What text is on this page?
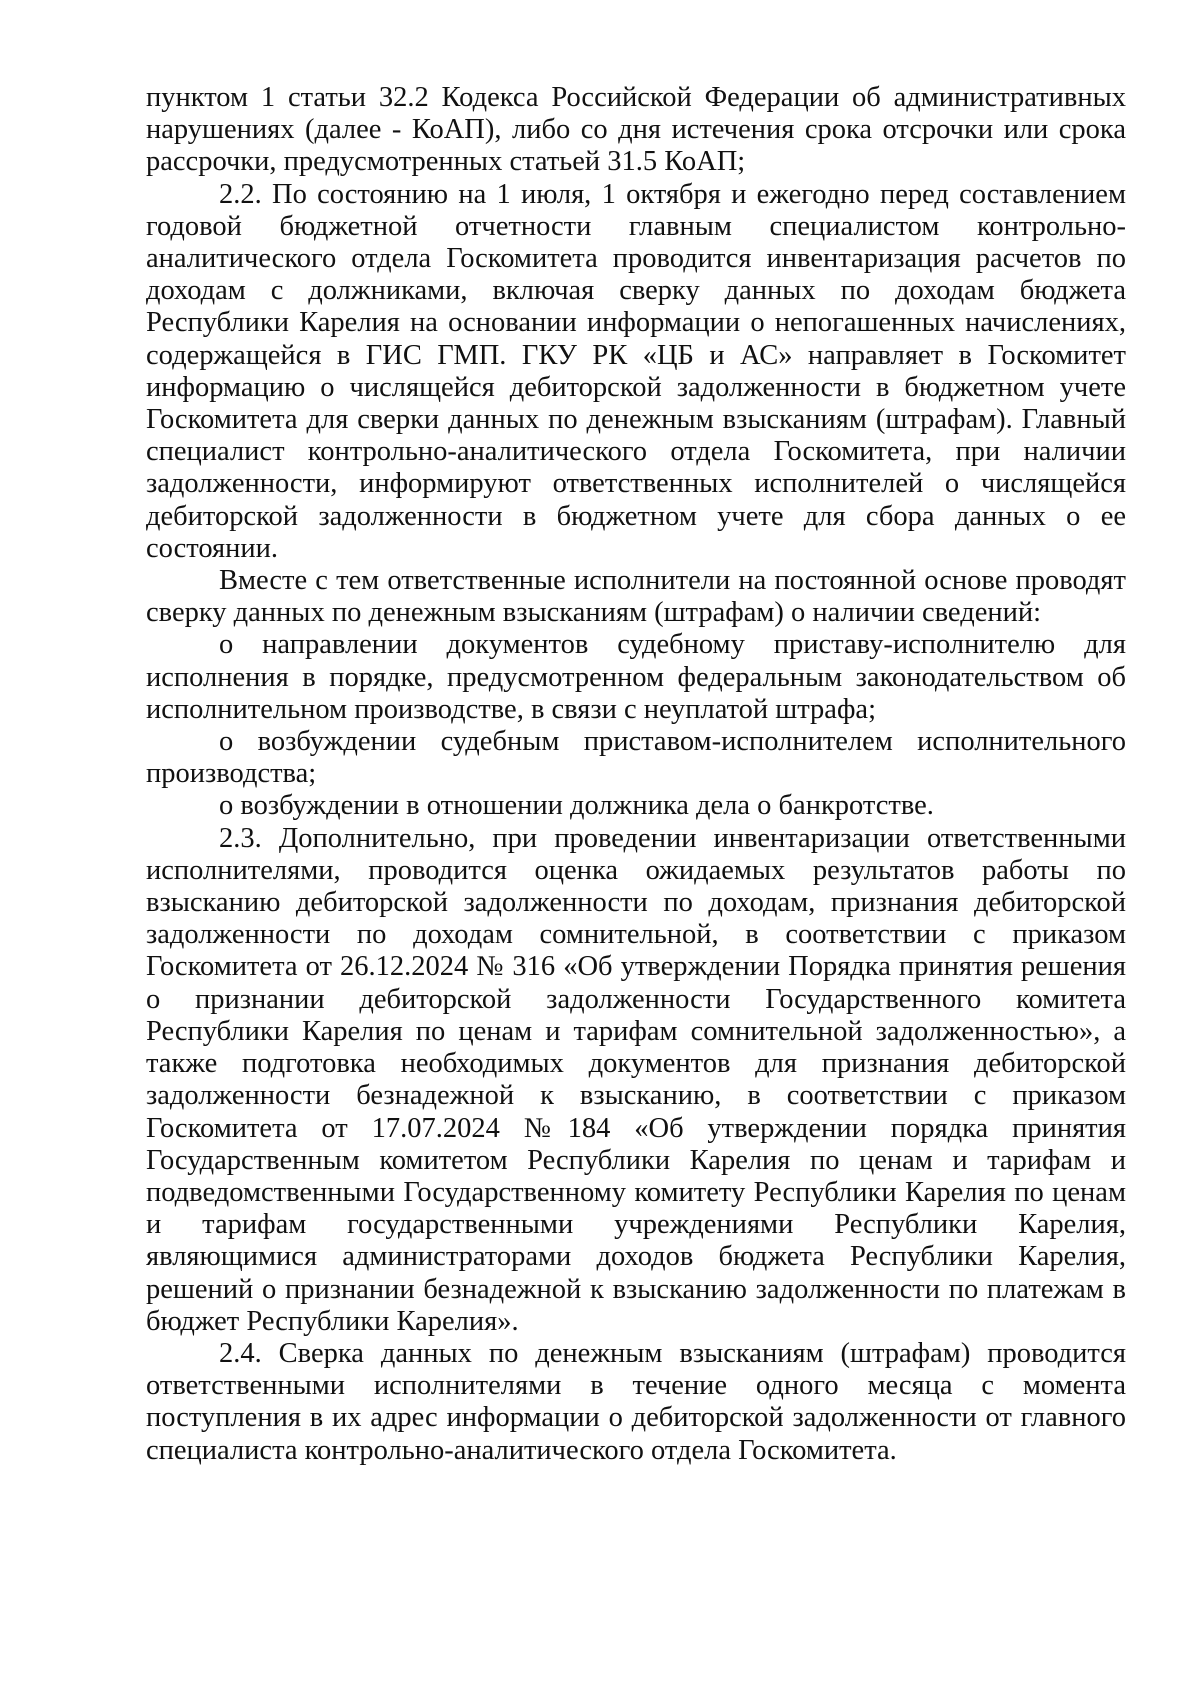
пунктом 1 статьи 32.2 Кодекса Российской Федерации об административных нарушениях (далее - КоАП), либо со дня истечения срока отсрочки или срока рассрочки, предусмотренных статьей 31.5 КоАП;

2.2. По состоянию на 1 июля, 1 октября и ежегодно перед составлением годовой бюджетной отчетности главным специалистом контрольно-аналитического отдела Госкомитета проводится инвентаризация расчетов по доходам с должниками, включая сверку данных по доходам бюджета Республики Карелия на основании информации о непогашенных начислениях, содержащейся в ГИС ГМП. ГКУ РК «ЦБ и АС» направляет в Госкомитет информацию о числящейся дебиторской задолженности в бюджетном учете Госкомитета для сверки данных по денежным взысканиям (штрафам). Главный специалист контрольно-аналитического отдела Госкомитета, при наличии задолженности, информируют ответственных исполнителей о числящейся дебиторской задолженности в бюджетном учете для сбора данных о ее состоянии.

Вместе с тем ответственные исполнители на постоянной основе проводят сверку данных по денежным взысканиям (штрафам) о наличии сведений:

о направлении документов судебному приставу-исполнителю для исполнения в порядке, предусмотренном федеральным законодательством об исполнительном производстве, в связи с неуплатой штрафа;

о возбуждении судебным приставом-исполнителем исполнительного производства;

о возбуждении в отношении должника дела о банкротстве.

2.3. Дополнительно, при проведении инвентаризации ответственными исполнителями, проводится оценка ожидаемых результатов работы по взысканию дебиторской задолженности по доходам, признания дебиторской задолженности по доходам сомнительной, в соответствии с приказом Госкомитета от 26.12.2024 № 316 «Об утверждении Порядка принятия решения о признании дебиторской задолженности Государственного комитета Республики Карелия по ценам и тарифам сомнительной задолженностью», а также подготовка необходимых документов для признания дебиторской задолженности безнадежной к взысканию, в соответствии с приказом Госкомитета от 17.07.2024 №184 «Об утверждении порядка принятия Государственным комитетом Республики Карелия по ценам и тарифам и подведомственными Государственному комитету Республики Карелия по ценам и тарифам государственными учреждениями Республики Карелия, являющимися администраторами доходов бюджета Республики Карелия, решений о признании безнадежной к взысканию задолженности по платежам в бюджет Республики Карелия».

2.4. Сверка данных по денежным взысканиям (штрафам) проводится ответственными исполнителями в течение одного месяца с момента поступления в их адрес информации о дебиторской задолженности от главного специалиста контрольно-аналитического отдела Госкомитета.
